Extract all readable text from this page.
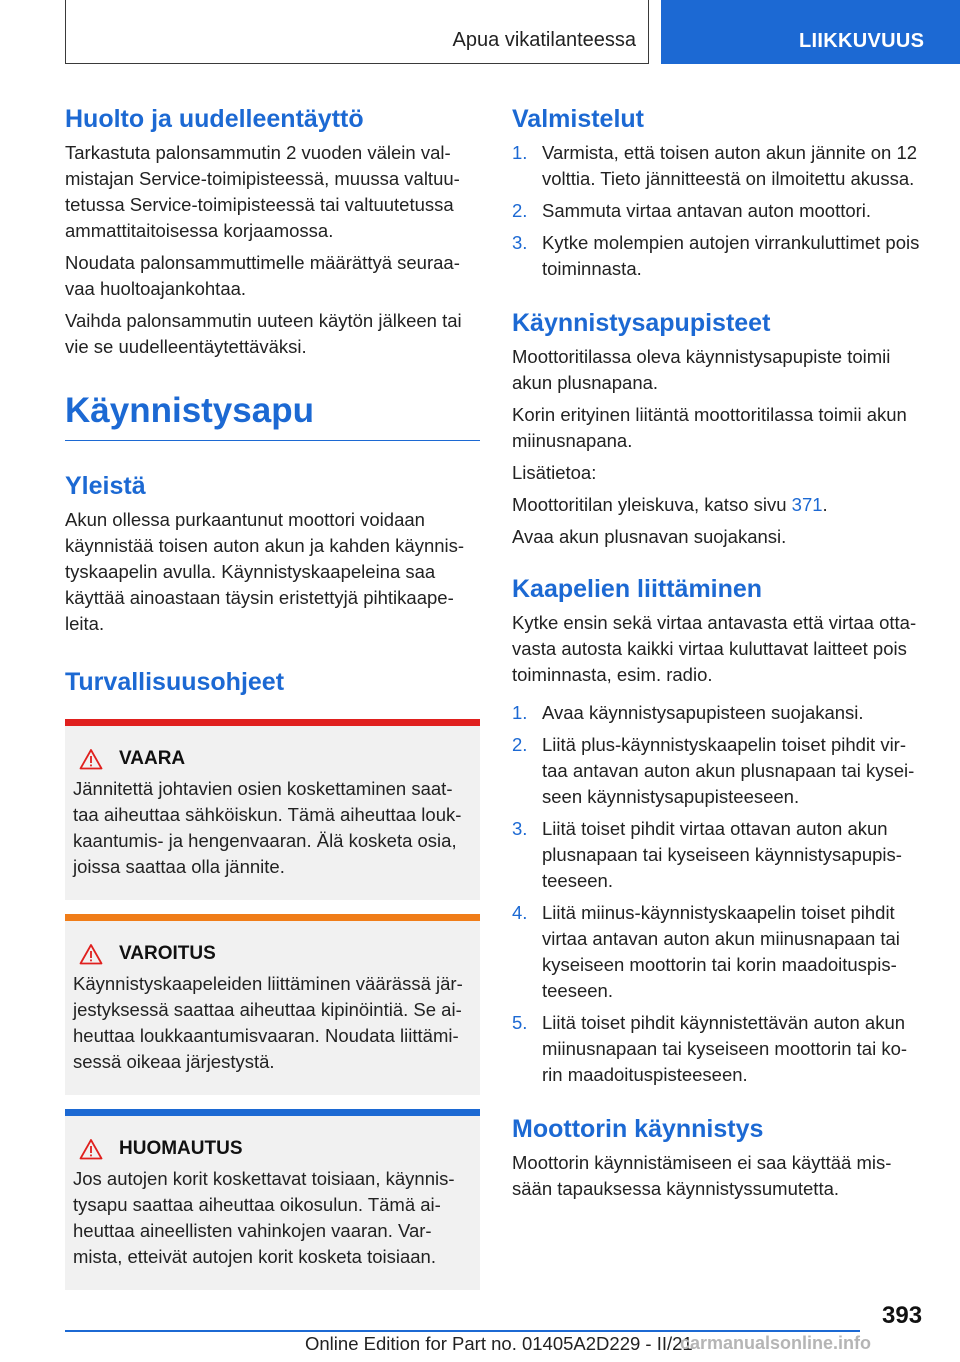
Apua vikatilanteessa	LIIKKUVUUS
Huolto ja uudelleentäyttö

Tarkastuta palonsammutin 2 vuoden välein val-mistajan Service-toimipisteessä, muussa valtuu-tetussa Service-toimipisteessä tai valtuutetussa ammattitaitoisessa korjaamossa.

Noudata palonsammuttimelle määrättyä seuraa-vaa huoltoajankohtaa.

Vaihda palonsammutin uuteen käytön jälkeen tai vie se uudelleentäytettäväksi.

Käynnistysapu
Yleistä

Akun ollessa purkaantunut moottori voidaan käynnistää toisen auton akun ja kahden käynnis-tyskaapelin avulla. Käynnistyskaapeleina saa käyttää ainoastaan täysin eristettyjä pihtikaape-leita.

Turvallisuusohjeet
VAARA

Jännitettä johtavien osien koskettaminen saat-taa aiheuttaa sähköiskun. Tämä aiheuttaa louk-kaantumis- ja hengenvaaran. Älä kosketa osia, joissa saattaa olla jännite.

VAROITUS

Käynnistyskaapeleiden liittäminen väärässä jär-jestyksessä saattaa aiheuttaa kipinöintiä. Se ai-heuttaa loukkaantumisvaaran. Noudata liittämi-sessä oikeaa järjestystä.

HUOMAUTUS

Jos autojen korit koskettavat toisiaan, käynnis-tysapu saattaa aiheuttaa oikosulun. Tämä ai-heuttaa aineellisten vahinkojen vaaran. Var-mista, etteivät autojen korit kosketa toisiaan.

Valmistelut
1. Varmista, että toisen auton akun jännite on 12 volttia. Tieto jännitteestä on ilmoitettu akussa.
2. Sammuta virtaa antavan auton moottori.
3. Kytke molempien autojen virrankuluttimet pois toiminnasta.
Käynnistysapupisteet

Moottoritilassa oleva käynnistysapupiste toimii akun plusnapana.

Korin erityinen liitäntä moottoritilassa toimii akun miinusnapana.

Lisätietoa:

Moottoritilan yleiskuva, katso sivu 371.

Avaa akun plusnavan suojakansi.

Kaapelien liittäminen

Kytke ensin sekä virtaa antavasta että virtaa otta-vasta autosta kaikki virtaa kuluttavat laitteet pois toiminnasta, esim. radio.

1. Avaa käynnistysapupisteen suojakansi.
2. Liitä plus-käynnistyskaapelin toiset pihdit vir-taa antavan auton akun plusnapaan tai kysei-seen käynnistysapupisteeseen.
3. Liitä toiset pihdit virtaa ottavan auton akun plusnapaan tai kyseiseen käynnistysapupis-teeseen.
4. Liitä miinus-käynnistyskaapelin toiset pihdit virtaa antavan auton akun miinusnapaan tai kyseiseen moottorin tai korin maadoituspis-teeseen.
5. Liitä toiset pihdit käynnistettävän auton akun miinusnapaan tai kyseiseen moottorin tai ko-rin maadoituspisteeseen.
Moottorin käynnistys

Moottorin käynnistämiseen ei saa käyttää mis-sään tapauksessa käynnistyssumutetta.

393
Online Edition for Part no. 01405A2D229 - II/21
carmanualsonline.info
